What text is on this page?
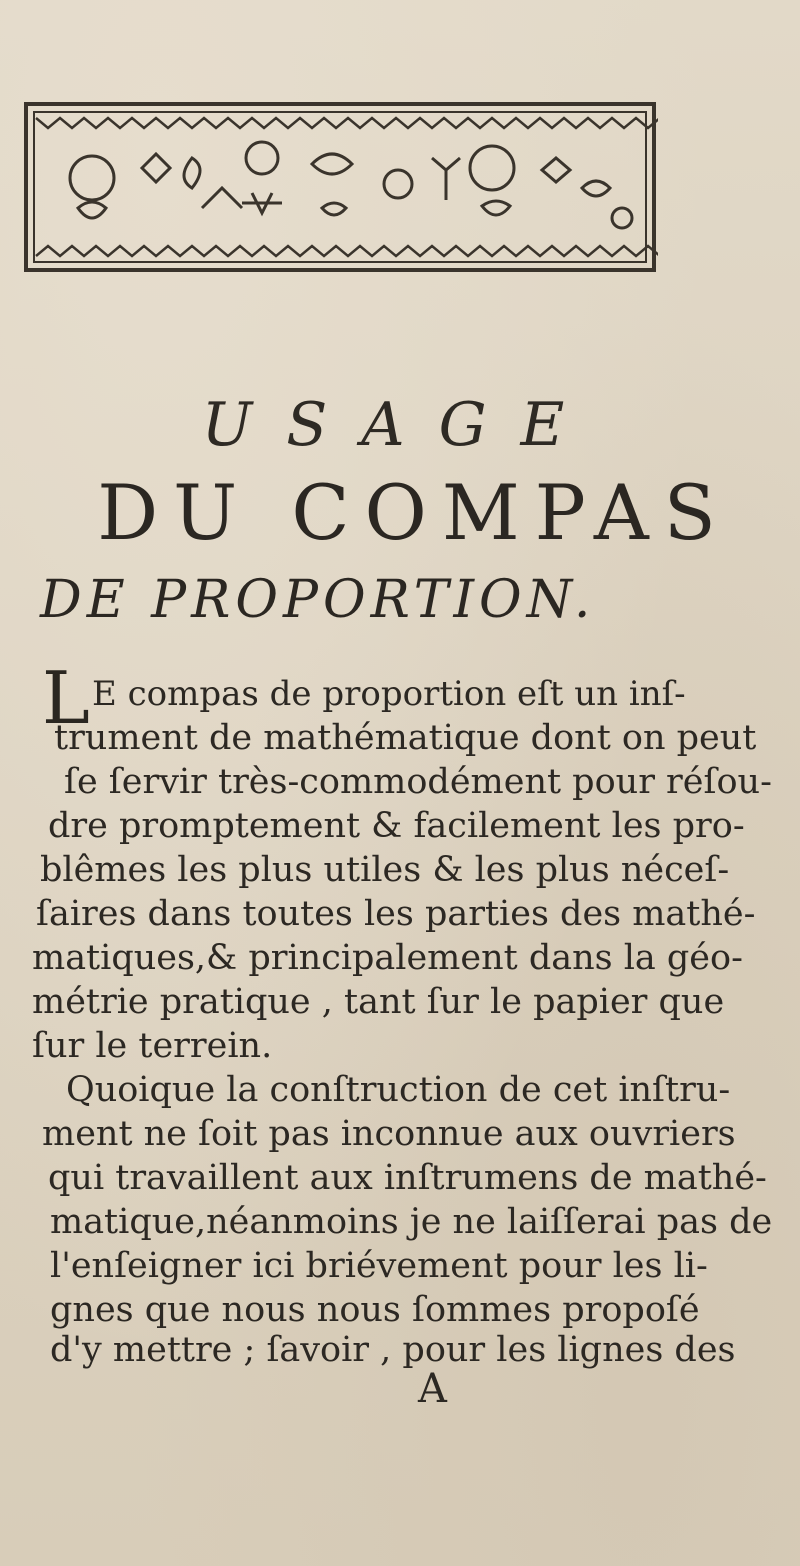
USAGE
DU COMPAS
DE PROPORTION.
L E compas de proportion eſt un inſ-
trument de mathématique dont on peut
ſe ſervir très-commodément pour réſou-
dre promptement & facilement les pro-
blêmes les plus utiles & les plus néceſ-
ſaires dans toutes les parties des mathé-
matiques,& principalement dans la géo-
métrie pratique , tant ſur le papier que
ſur le terrein.
Quoique la conſtruction de cet inſtru-
ment ne ſoit pas inconnue aux ouvriers
qui travaillent aux inſtrumens de mathé-
matique,néanmoins je ne laiſſerai pas de
l'enſeigner ici briévement pour les li-
gnes que nous nous ſommes propoſé
d'y mettre ; ſavoir , pour les lignes des
A
